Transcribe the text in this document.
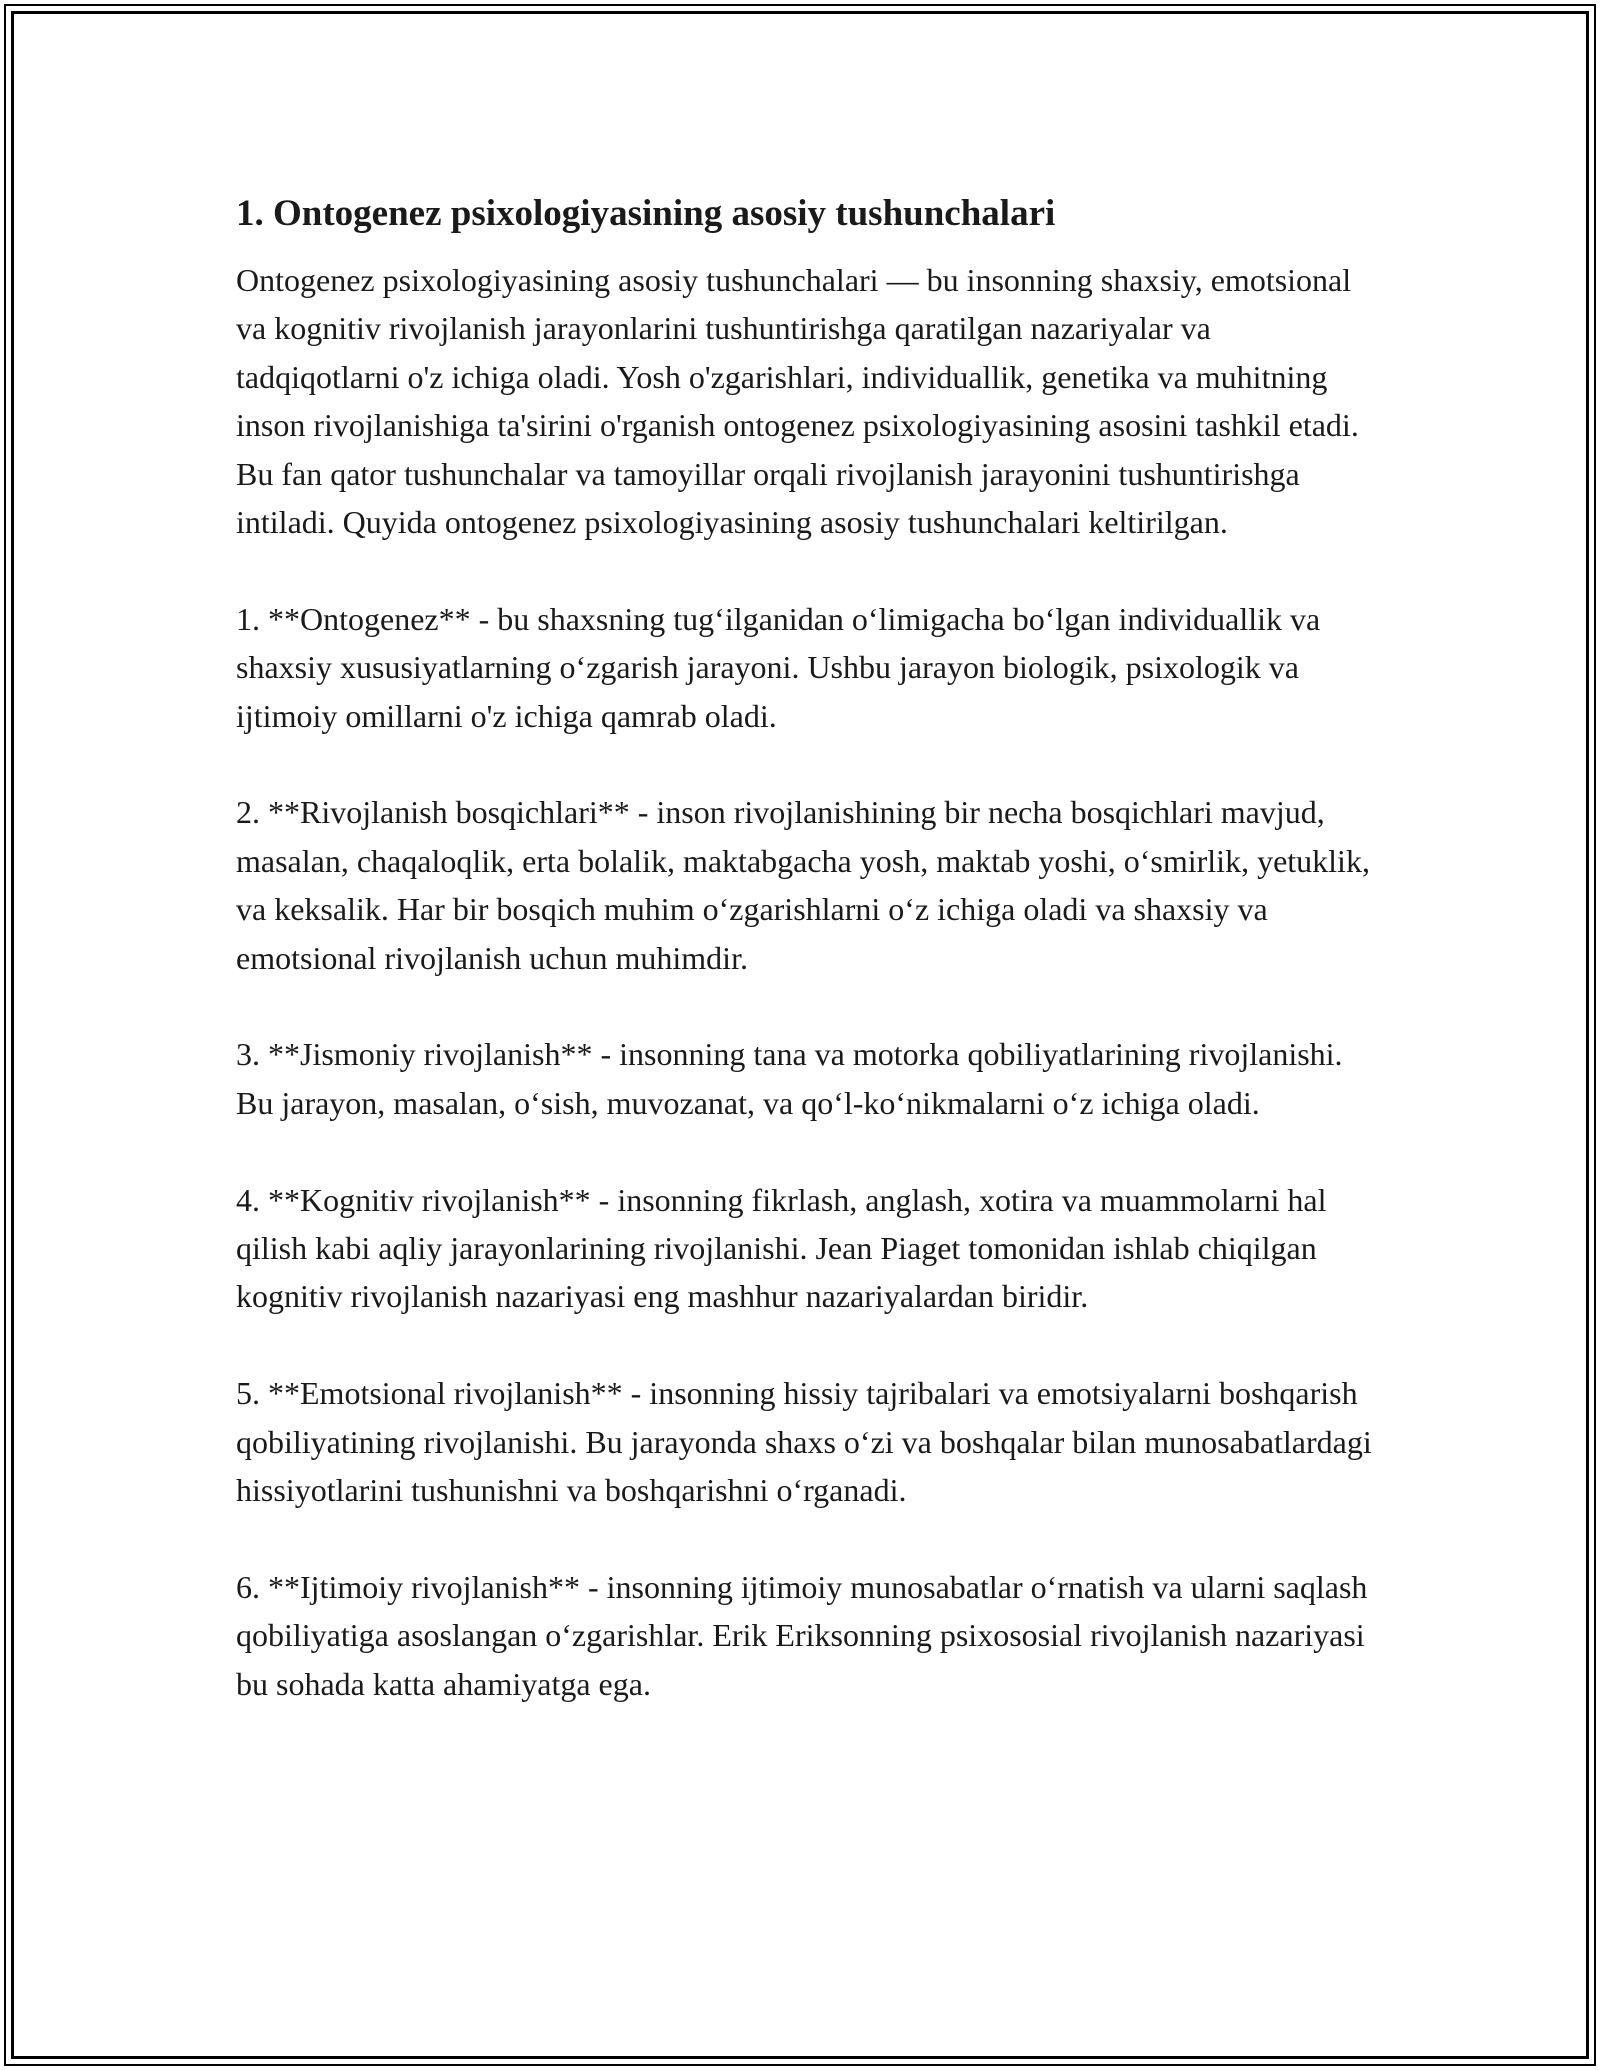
1. Ontogenez psixologiyasining asosiy tushunchalari

Ontogenez psixologiyasining asosiy tushunchalari — bu insonning shaxsiy, emotsional va kognitiv rivojlanish jarayonlarini tushuntirishga qaratilgan nazariyalar va tadqiqotlarni o'z ichiga oladi. Yosh o'zgarishlari, individuallik, genetika va muhitning inson rivojlanishiga ta'sirini o'rganish ontogenez psixologiyasining asosini tashkil etadi. Bu fan qator tushunchalar va tamoyillar orqali rivojlanish jarayonini tushuntirishga intiladi. Quyida ontogenez psixologiyasining asosiy tushunchalari keltirilgan.

1. **Ontogenez** - bu shaxsning tugʻilganidan oʻlimigacha boʻlgan individuallik va shaxsiy xususiyatlarning oʻzgarish jarayoni. Ushbu jarayon biologik, psixologik va ijtimoiy omillarni o'z ichiga qamrab oladi.

2. **Rivojlanish bosqichlari** - inson rivojlanishining bir necha bosqichlari mavjud, masalan, chaqaloqlik, erta bolalik, maktabgacha yosh, maktab yoshi, oʻsmirlik, yetuklik, va keksalik. Har bir bosqich muhim oʻzgarishlarni oʻz ichiga oladi va shaxsiy va emotsional rivojlanish uchun muhimdir.

3. **Jismoniy rivojlanish** - insonning tana va motorka qobiliyatlarining rivojlanishi. Bu jarayon, masalan, oʻsish, muvozanat, va qoʻl-koʻnikmalarni oʻz ichiga oladi.

4. **Kognitiv rivojlanish** - insonning fikrlash, anglash, xotira va muammolarni hal qilish kabi aqliy jarayonlarining rivojlanishi. Jean Piaget tomonidan ishlab chiqilgan kognitiv rivojlanish nazariyasi eng mashhur nazariyalardan biridir.

5. **Emotsional rivojlanish** - insonning hissiy tajribalari va emotsiyalarni boshqarish qobiliyatining rivojlanishi. Bu jarayonda shaxs oʻzi va boshqalar bilan munosabatlardagi hissiyotlarini tushunishni va boshqarishni oʻrganadi.

6. **Ijtimoiy rivojlanish** - insonning ijtimoiy munosabatlar oʻrnatish va ularni saqlash qobiliyatiga asoslangan oʻzgarishlar. Erik Eriksonning psixososial rivojlanish nazariyasi bu sohada katta ahamiyatga ega.
